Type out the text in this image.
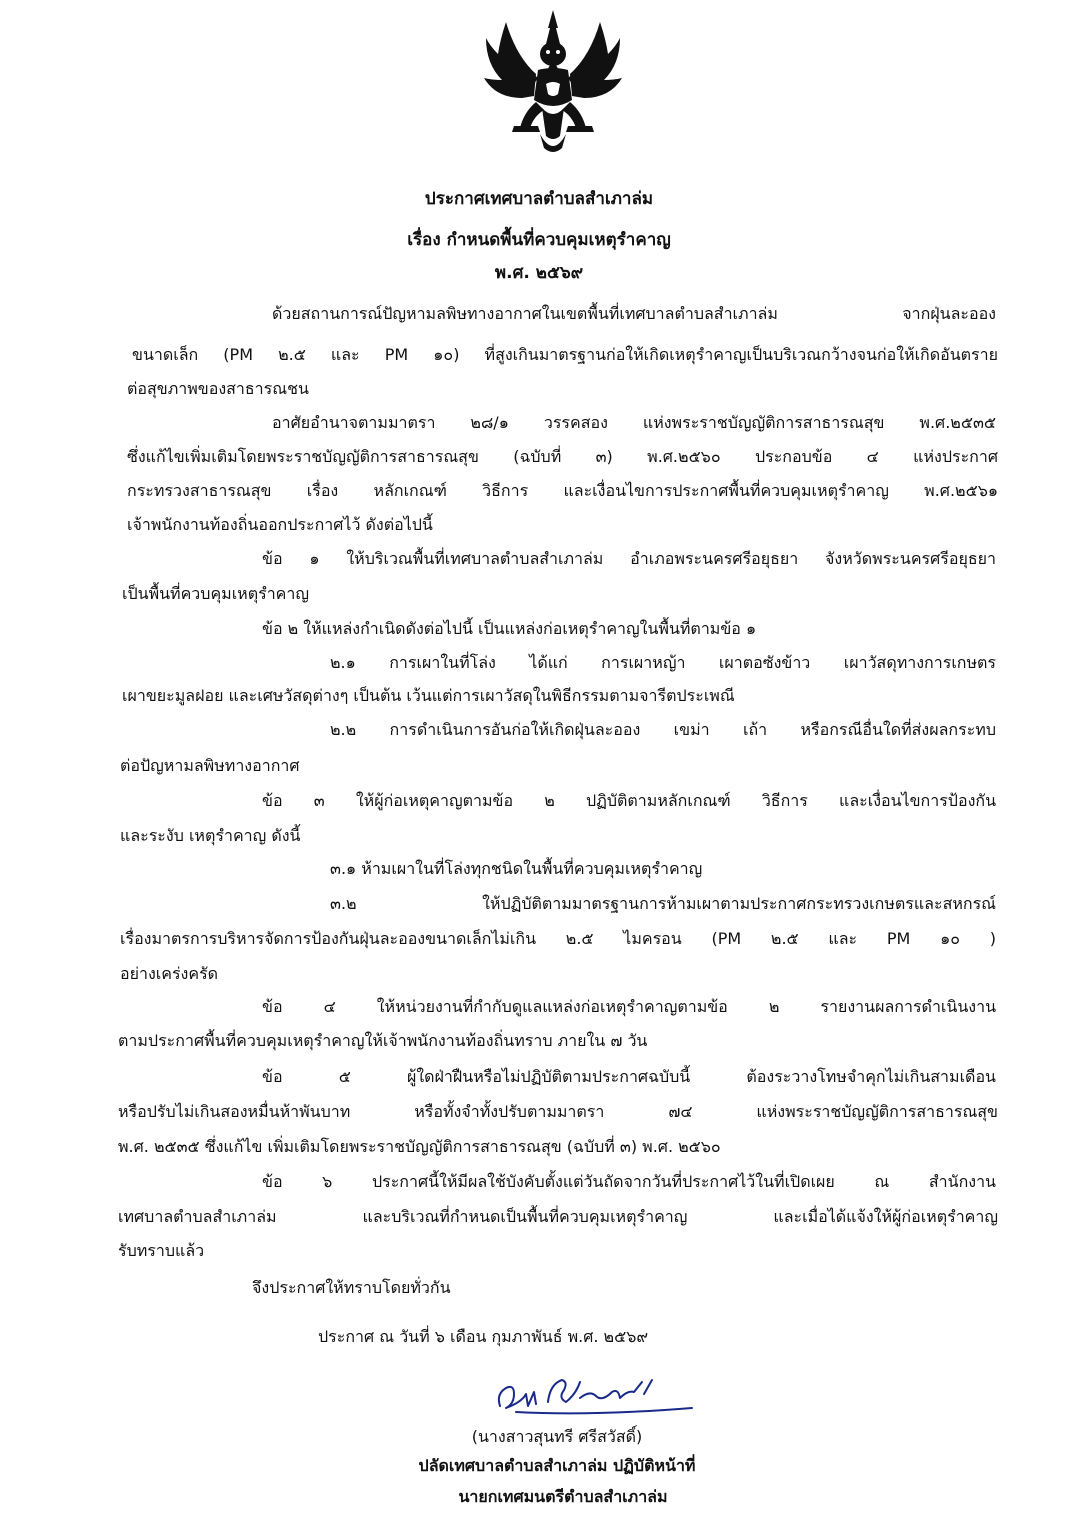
ประกาศเทศบาลตำบลสำเภาล่ม
เรื่อง กำหนดพื้นที่ควบคุมเหตุรำคาญ
พ.ศ. ๒๕๖๙
ด้วยสถานการณ์ปัญหามลพิษทางอากาศในเขตพื้นที่เทศบาลตำบลสำเภาล่ม จากฝุ่นละออง
ขนาดเล็ก (PM ๒.๕ และ PM ๑๐) ที่สูงเกินมาตรฐานก่อให้เกิดเหตุรำคาญเป็นบริเวณกว้างจนก่อให้เกิดอันตราย
ต่อสุขภาพของสาธารณชน
อาศัยอำนาจตามมาตรา ๒๘/๑ วรรคสอง แห่งพระราชบัญญัติการสาธารณสุข พ.ศ.๒๕๓๕
ซึ่งแก้ไขเพิ่มเติมโดยพระราชบัญญัติการสาธารณสุข (ฉบับที่ ๓) พ.ศ.๒๕๖๐ ประกอบข้อ ๔ แห่งประกาศ
กระทรวงสาธารณสุข เรื่อง หลักเกณฑ์ วิธีการ และเงื่อนไขการประกาศพื้นที่ควบคุมเหตุรำคาญ พ.ศ.๒๕๖๑
เจ้าพนักงานท้องถิ่นออกประกาศไว้ ดังต่อไปนี้
ข้อ ๑ ให้บริเวณพื้นที่เทศบาลตำบลสำเภาล่ม อำเภอพระนครศรีอยุธยา จังหวัดพระนครศรีอยุธยา
เป็นพื้นที่ควบคุมเหตุรำคาญ
ข้อ ๒ ให้แหล่งกำเนิดดังต่อไปนี้ เป็นแหล่งก่อเหตุรำคาญในพื้นที่ตามข้อ ๑
๒.๑ การเผาในที่โล่ง ได้แก่ การเผาหญ้า เผาตอซังข้าว เผาวัสดุทางการเกษตร
เผาขยะมูลฝอย และเศษวัสดุต่างๆ เป็นต้น เว้นแต่การเผาวัสดุในพิธีกรรมตามจารีตประเพณี
๒.๒ การดำเนินการอันก่อให้เกิดฝุ่นละออง เขม่า เถ้า หรือกรณีอื่นใดที่ส่งผลกระทบ
ต่อปัญหามลพิษทางอากาศ
ข้อ ๓ ให้ผู้ก่อเหตุคาญตามข้อ ๒ ปฏิบัติตามหลักเกณฑ์ วิธีการ และเงื่อนไขการป้องกัน
และระงับ เหตุรำคาญ ดังนี้
๓.๑ ห้ามเผาในที่โล่งทุกชนิดในพื้นที่ควบคุมเหตุรำคาญ
๓.๒ ให้ปฏิบัติตามมาตรฐานการห้ามเผาตามประกาศกระทรวงเกษตรและสหกรณ์
เรื่องมาตรการบริหารจัดการป้องกันฝุ่นละอองขนาดเล็กไม่เกิน ๒.๕ ไมครอน (PM ๒.๕ และ PM ๑๐ )
อย่างเคร่งครัด
ข้อ ๔ ให้หน่วยงานที่กำกับดูแลแหล่งก่อเหตุรำคาญตามข้อ ๒ รายงานผลการดำเนินงาน
ตามประกาศพื้นที่ควบคุมเหตุรำคาญให้เจ้าพนักงานท้องถิ่นทราบ ภายใน ๗ วัน
ข้อ ๕ ผู้ใดฝ่าฝืนหรือไม่ปฏิบัติตามประกาศฉบับนี้ ต้องระวางโทษจำคุกไม่เกินสามเดือน
หรือปรับไม่เกินสองหมื่นห้าพันบาท หรือทั้งจำทั้งปรับตามมาตรา ๗๔ แห่งพระราชบัญญัติการสาธารณสุข
พ.ศ. ๒๕๓๕ ซึ่งแก้ไข เพิ่มเติมโดยพระราชบัญญัติการสาธารณสุข (ฉบับที่ ๓) พ.ศ. ๒๕๖๐
ข้อ ๖ ประกาศนี้ให้มีผลใช้บังคับตั้งแต่วันถัดจากวันที่ประกาศไว้ในที่เปิดเผย ณ สำนักงาน
เทศบาลตำบลสำเภาล่ม และบริเวณที่กำหนดเป็นพื้นที่ควบคุมเหตุรำคาญ และเมื่อได้แจ้งให้ผู้ก่อเหตุรำคาญ
รับทราบแล้ว
จึงประกาศให้ทราบโดยทั่วกัน
ประกาศ ณ วันที่ ๖ เดือน กุมภาพันธ์ พ.ศ. ๒๕๖๙
(นางสาวสุนทรี ศรีสวัสดิ์)
ปลัดเทศบาลตำบลสำเภาล่ม ปฏิบัติหน้าที่
นายกเทศมนตรีตำบลสำเภาล่ม
